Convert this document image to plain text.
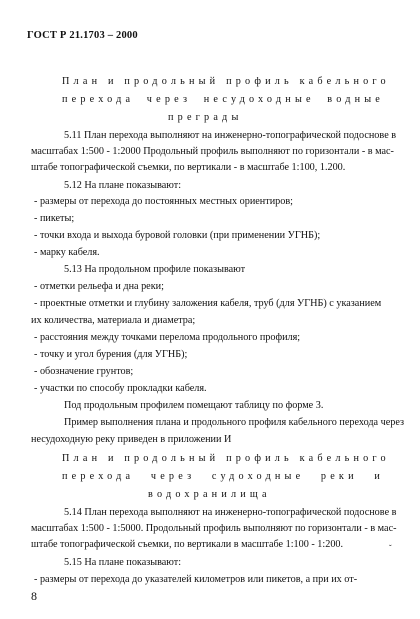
ГОСТ Р 21.1703 – 2000
План и продольный профиль кабельного
перехода через несудоходные водные
преграды
5.11 План перехода выполняют на инженерно-топографической подосновe в
масштабах 1:500 - 1:2000 Продольный профиль выполняют по горизонтали - в мас-
штабе топографической съемки, по вертикали - в масштабе 1:100, 1.200.
5.12 На плане показывают:
- размеры от перехода до постоянных местных ориентиров;
- пикеты;
- точки входа и выхода буровой головки (при применении УГНБ);
- марку кабеля.
5.13 На продольном профиле показывают
- отметки рельефа и дна реки;
- проектные отметки и глубину заложения кабеля, труб (для УГНБ) с указанием
их количества, материала и диаметра;
- расстояния между точками перелома продольного профиля;
- точку и угол бурения (для УГНБ);
- обозначение грунтов;
- участки по способу прокладки кабеля.
Под продольным профилем помещают таблицу по форме 3.
Пример выполнения плана и продольного профиля кабельного перехода через
несудоходную реку приведен в приложении И
План и продольный профиль кабельного
перехода через судоходные реки и
водохранилища
5.14 План перехода выполняют на инженерно-топографической подосновe в
масштабах 1:500 - 1:5000. Продольный профиль выполняют по горизонтали - в мас-
штабе топографической съемки, по вертикали в масштабе 1:100 - 1:200.	ˬ
5.15 На плане показывают:
- размеры от перехода до указателей километров или пикетов, а при их от-
8
